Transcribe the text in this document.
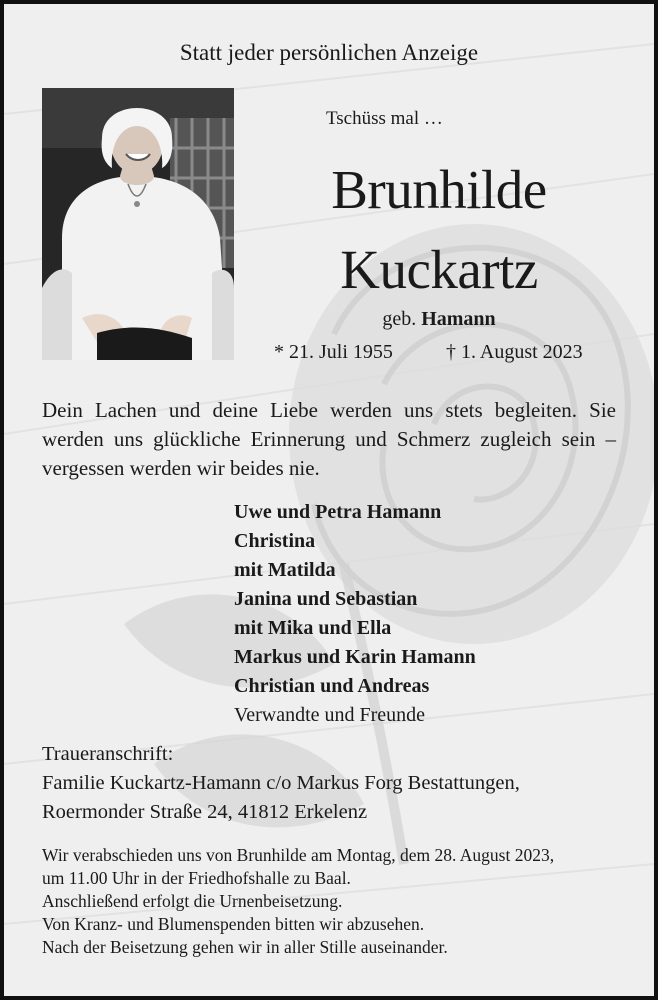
Statt jeder persönlichen Anzeige
Tschüss mal …
Brunhilde
Kuckartz
geb. Hamann
* 21. Juli 1955	† 1. August 2023
Dein Lachen und deine Liebe werden uns stets begleiten. Sie werden uns glückliche Erinnerung und Schmerz zugleich sein – vergessen werden wir beides nie.
Uwe und Petra Hamann
Christina
mit Matilda
Janina und Sebastian
mit Mika und Ella
Markus und Karin Hamann
Christian und Andreas
Verwandte und Freunde
Traueranschrift:
Familie Kuckartz-Hamann c/o Markus Forg Bestattungen,
Roermonder Straße 24, 41812 Erkelenz
Wir verabschieden uns von Brunhilde am Montag, dem 28. August 2023,
um 11.00 Uhr in der Friedhofshalle zu Baal.
Anschließend erfolgt die Urnenbeisetzung.
Von Kranz- und Blumenspenden bitten wir abzusehen.
Nach der Beisetzung gehen wir in aller Stille auseinander.
